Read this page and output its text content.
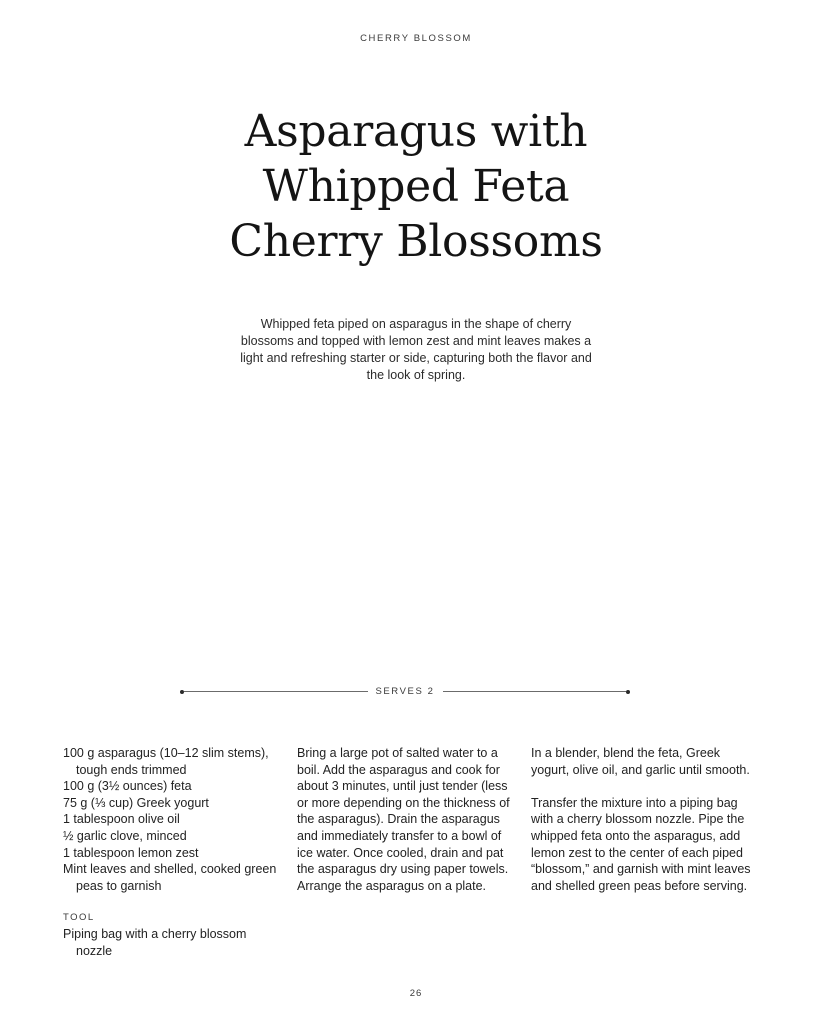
CHERRY BLOSSOM
Asparagus with
Whipped Feta
Cherry Blossoms

Whipped feta piped on asparagus in the shape of cherry blossoms and topped with lemon zest and mint leaves makes a light and refreshing starter or side, capturing both the flavor and the look of spring.

SERVES 2
100 g asparagus (10–12 slim stems), tough ends trimmed
100 g (3½ ounces) feta
75 g (⅓ cup) Greek yogurt
1 tablespoon olive oil
½ garlic clove, minced
1 tablespoon lemon zest
Mint leaves and shelled, cooked green peas to garnish
TOOL
Piping bag with a cherry blossom nozzle

Bring a large pot of salted water to a boil. Add the asparagus and cook for about 3 minutes, until just tender (less or more depending on the thickness of the asparagus). Drain the asparagus and immediately transfer to a bowl of ice water. Once cooled, drain and pat the asparagus dry using paper towels. Arrange the asparagus on a plate.

In a blender, blend the feta, Greek yogurt, olive oil, and garlic until smooth.

Transfer the mixture into a piping bag with a cherry blossom nozzle. Pipe the whipped feta onto the asparagus, add lemon zest to the center of each piped “blossom,” and garnish with mint leaves and shelled green peas before serving.

26
